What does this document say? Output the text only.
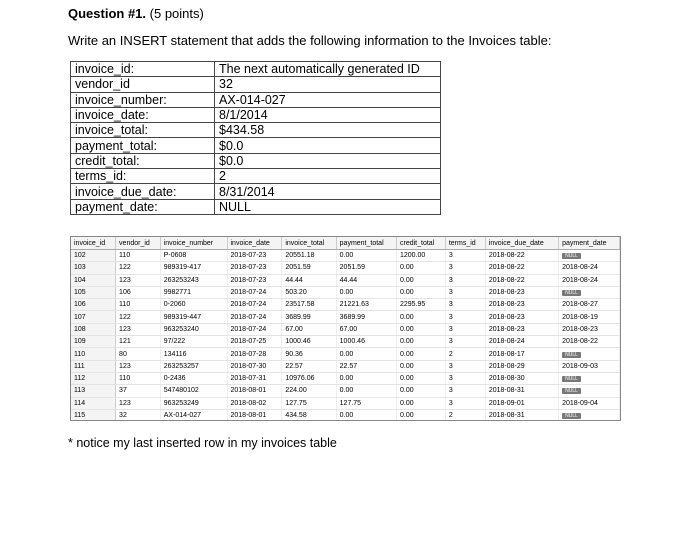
Question #1. (5 points)
Write an INSERT statement that adds the following information to the Invoices table:
invoice_id:	The next automatically generated ID
vendor_id	32
invoice_number:	AX-014-027
invoice_date:	8/1/2014
invoice_total:	$434.58
payment_total:	$0.0
credit_total:	$0.0
terms_id:	2
invoice_due_date:	8/31/2014
payment_date:	NULL
invoice_id	vendor_id	invoice_number	invoice_date	invoice_total	payment_total	credit_total	terms_id	invoice_due_date	payment_date
102	110	P-0608	2018-07-23	20551.18	0.00	1200.00	3	2018-08-22	NULL
103	122	989319-417	2018-07-23	2051.59	2051.59	0.00	3	2018-08-22	2018-08-24
104	123	263253243	2018-07-23	44.44	44.44	0.00	3	2018-08-22	2018-08-24
105	106	9982771	2018-07-24	503.20	0.00	0.00	3	2018-08-23	NULL
106	110	0-2060	2018-07-24	23517.58	21221.63	2295.95	3	2018-08-23	2018-08-27
107	122	989319-447	2018-07-24	3689.99	3689.99	0.00	3	2018-08-23	2018-08-19
108	123	963253240	2018-07-24	67.00	67.00	0.00	3	2018-08-23	2018-08-23
109	121	97/222	2018-07-25	1000.46	1000.46	0.00	3	2018-08-24	2018-08-22
110	80	134116	2018-07-28	90.36	0.00	0.00	2	2018-08-17	NULL
111	123	263253257	2018-07-30	22.57	22.57	0.00	3	2018-08-29	2018-09-03
112	110	0-2436	2018-07-31	10976.06	0.00	0.00	3	2018-08-30	NULL
113	37	547480102	2018-08-01	224.00	0.00	0.00	3	2018-08-31	NULL
114	123	963253249	2018-08-02	127.75	127.75	0.00	3	2018-09-01	2018-09-04
115	32	AX-014-027	2018-08-01	434.58	0.00	0.00	2	2018-08-31	NULL
* notice my last inserted row in my invoices table
